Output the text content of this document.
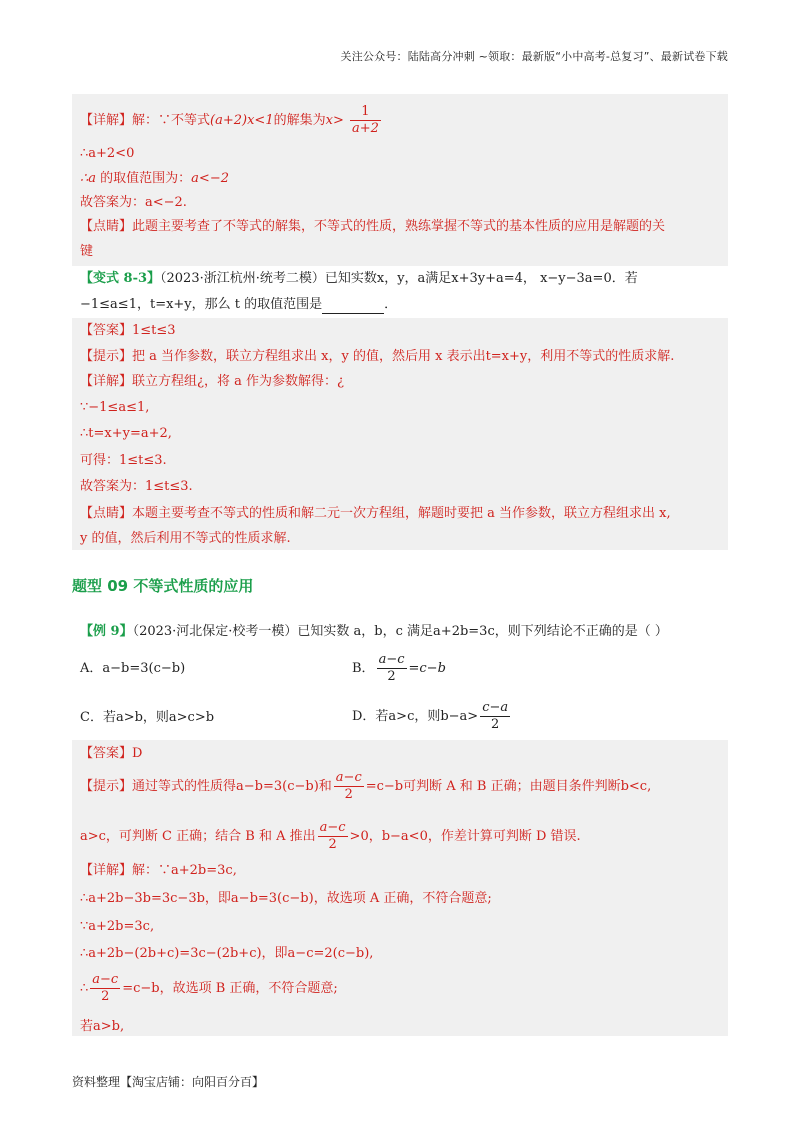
关注公众号：陆陆高分冲刺 ~领取：最新版“小中高考-总复习”、最新试卷下载
【详解】解：∵不等式(a+2)x<1的解集为$x> \frac{1}{a+2}$
∴a+2<0
∴a 的取值范围为：a<−2
故答案为：a<−2.
【点睛】此题主要考查了不等式的解集，不等式的性质，熟练掌握不等式的基本性质的应用是解题的关
键
【变式 8-3】（2023·浙江杭州·统考二模）已知实数x，y，a满足x+3y+a=4， x−y−3a=0．若
−1≤a≤1，t=x+y，那么 t 的取值范围是	．
【答案】1≤t≤3
【提示】把 a 当作参数，联立方程组求出 x，y 的值，然后用 x 表示出t=x+y，利用不等式的性质求解.
【详解】联立方程组¿，将 a 作为参数解得：¿
∵−1≤a≤1,
∴t=x+y=a+2,
可得：1≤t≤3.
故答案为：1≤t≤3.
【点睛】本题主要考查不等式的性质和解二元一次方程组，解题时要把 a 当作参数，联立方程组求出 x,
y 的值，然后利用不等式的性质求解.
题型 09 不等式性质的应用
【例 9】（2023·河北保定·校考一模）已知实数 a，b，c 满足a+2b=3c，则下列结论不正确的是（ ）
A．a−b=3(c−b)	B． $\frac{a-c}{2} =c-b$
C．若a>b，则a>c>b	D．若a>c，则$b-a> \frac{c-a}{2}$
【答案】D
【提示】通过等式的性质得a−b=3(c−b)和 $\frac{a-c}{2} =c-b$可判断 A 和 B 正确；由题目条件判断b<c,
a>c，可判断 C 正确；结合 B 和 A 推出 $\frac{a-c}{2} >0$，b−a<0，作差计算可判断 D 错误.
【详解】解：∵a+2b=3c,
∴a+2b−3b=3c−3b，即a−b=3(c−b)，故选项 A 正确，不符合题意;
∵a+2b=3c,
∴a+2b−(2b+c)=3c−(2b+c)，即a−c=2(c−b),
∴ $\frac{a-c}{2} =c-b$，故选项 B 正确，不符合题意;
若a>b,
资料整理【淘宝店铺：向阳百分百】
